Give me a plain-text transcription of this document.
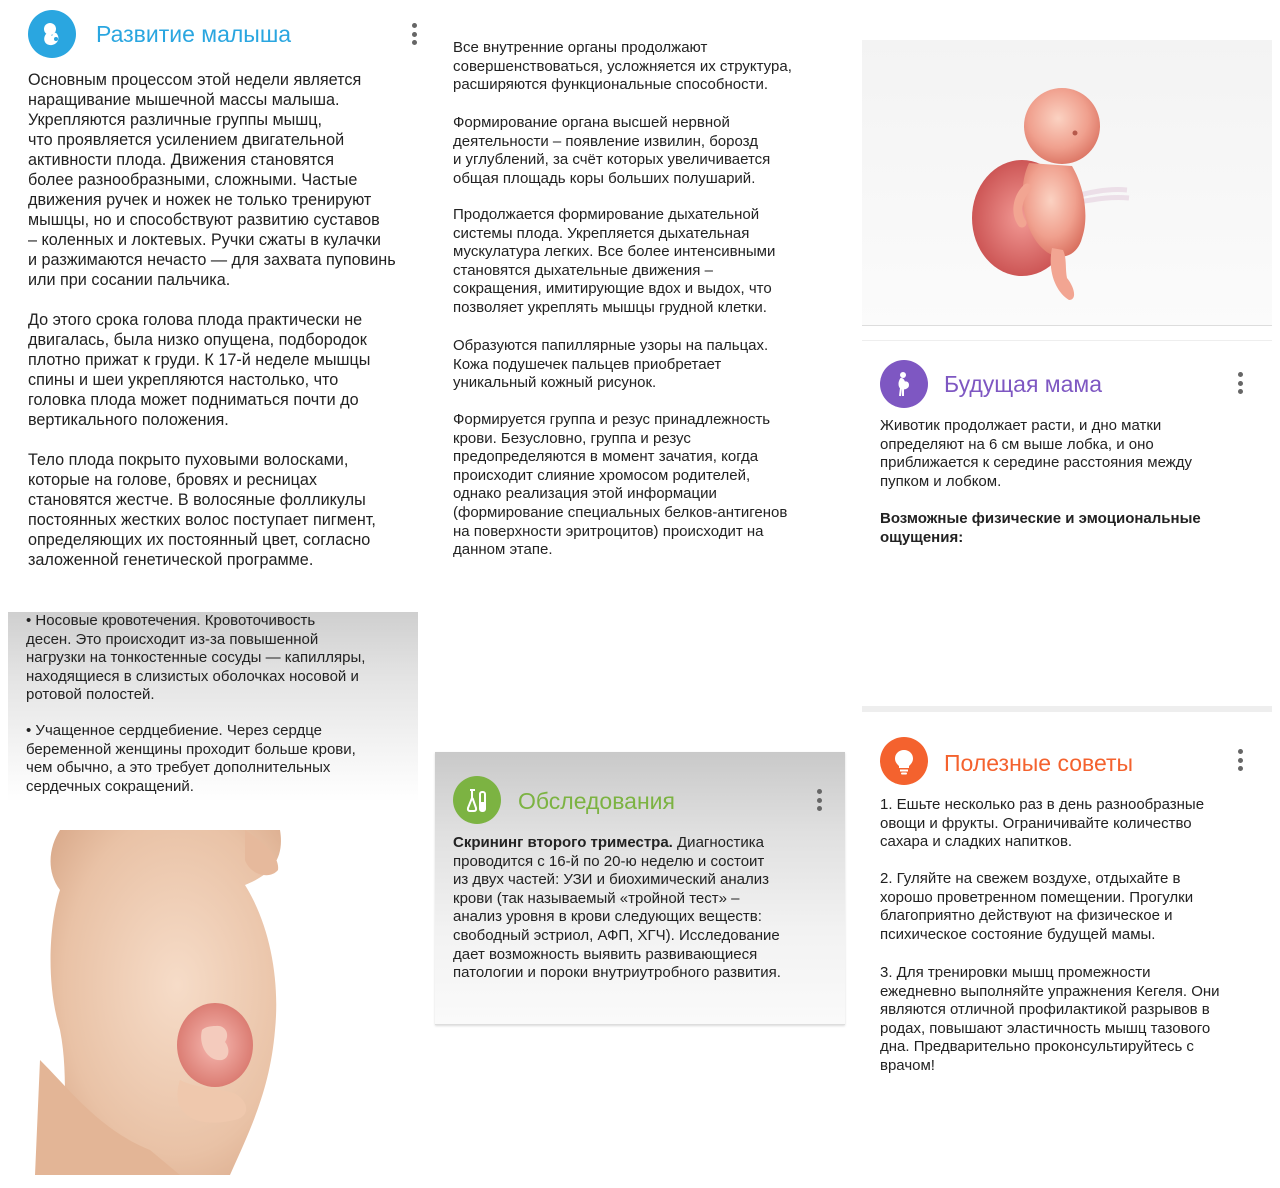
Развитие малыша

Основным процессом этой недели является
наращивание мышечной массы малыша.
Укрепляются различные группы мышц,
что проявляется усилением двигательной
активности плода. Движения становятся
более разнообразными, сложными. Частые
движения ручек и ножек не только тренируют
мышцы, но и способствуют развитию суставов
– коленных и локтевых. Ручки сжаты в кулачки
и разжимаются нечасто — для захвата пуповинь
или при сосании пальчика.

До этого срока голова плода практически не
двигалась, была низко опущена, подбородок
плотно прижат к груди. К 17-й неделе мышцы
спины и шеи укрепляются настолько, что
головка плода может подниматься почти до
вертикального положения.

Тело плода покрыто пуховыми волосками,
которые на голове, бровях и ресницах
становятся жестче. В волосяные фолликулы
постоянных жестких волос поступает пигмент,
определяющих их постоянный цвет, согласно
заложенной генетической программе.

• Носовые кровотечения. Кровоточивость
десен. Это происходит из-за повышенной
нагрузки на тонкостенные сосуды — капилляры,
находящиеся в слизистых оболочках носовой и
ротовой полостей.

• Учащенное сердцебиение. Через сердце
беременной женщины проходит больше крови,
чем обычно, а это требует дополнительных
сердечных сокращений.

Все внутренние органы продолжают
совершенствоваться, усложняется их структура,
расширяются функциональные способности.

Формирование органа высшей нервной
деятельности – появление извилин, борозд
и углублений, за счёт которых увеличивается
общая площадь коры больших полушарий.

Продолжается формирование дыхательной
системы плода. Укрепляется дыхательная
мускулатура легких. Все более интенсивными
становятся дыхательные движения –
сокращения, имитирующие вдох и выдох, что
позволяет укреплять мышцы грудной клетки.

Образуются папиллярные узоры на пальцах.
Кожа подушечек пальцев приобретает
уникальный кожный рисунок.

Формируется группа и резус принадлежность
крови. Безусловно, группа и резус
предопределяются в момент зачатия, когда
происходит слияние хромосом родителей,
однако реализация этой информации
(формирование специальных белков-антигенов
на поверхности эритроцитов) происходит на
данном этапе.

Обследования

Скрининг второго триместра. Диагностика
проводится с 16-й по 20-ю неделю и состоит
из двух частей: УЗИ и биохимический анализ
крови (так называемый «тройной тест» –
анализ уровня в крови следующих веществ:
свободный эстриол, АФП, ХГЧ). Исследование
дает возможность выявить развивающиеся
патологии и пороки внутриутробного развития.

Будущая мама

Животик продолжает расти, и дно матки
определяют на 6 см выше лобка, и оно
приближается к середине расстояния между
пупком и лобком.

Возможные физические и эмоциональные
ощущения:

Полезные советы

1. Ешьте несколько раз в день разнообразные
овощи и фрукты. Ограничивайте количество
сахара и сладких напитков.

2. Гуляйте на свежем воздухе, отдыхайте в
хорошо проветренном помещении. Прогулки
благоприятно действуют на физическое и
психическое состояние будущей мамы.

3. Для тренировки мышц промежности
ежедневно выполняйте упражнения Кегеля. Они
являются отличной профилактикой разрывов в
родах, повышают эластичность мышц тазового
дна. Предварительно проконсультируйтесь с
врачом!
